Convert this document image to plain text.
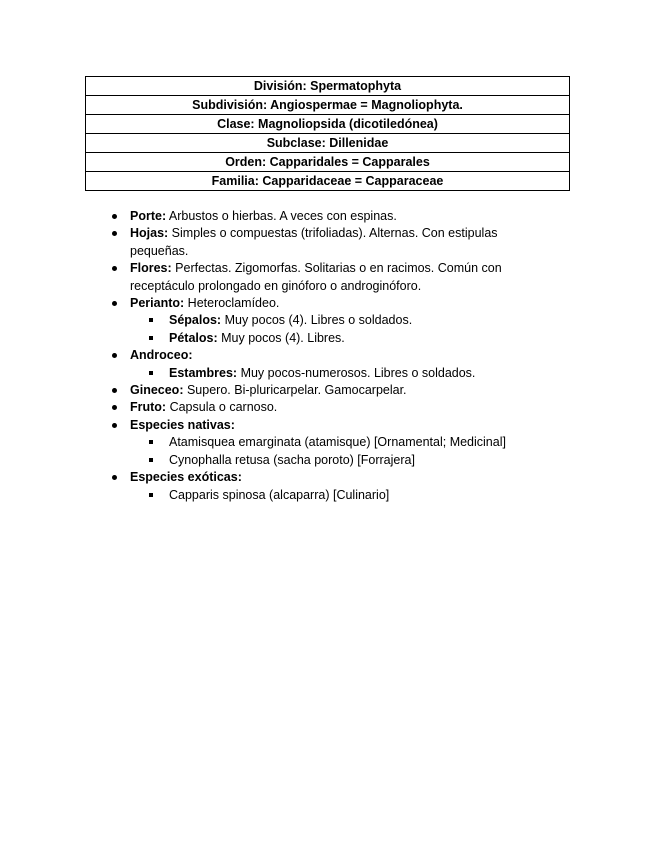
División: Spermatophyta
Subdivisión: Angiospermae = Magnoliophyta.
Clase: Magnoliopsida (dicotiledónea)
Subclase: Dillenidae
Orden: Capparidales = Capparales
Familia: Capparidaceae = Capparaceae
Porte: Arbustos o hierbas. A veces con espinas.
Hojas: Simples o compuestas (trifoliadas). Alternas. Con estipulas pequeñas.
Flores: Perfectas. Zigomorfas. Solitarias o en racimos. Común con receptáculo prolongado en ginóforo o androginóforo.
Perianto: Heteroclamídeo.
Sépalos: Muy pocos (4). Libres o soldados.
Pétalos: Muy pocos (4). Libres.
Androceo:
Estambres: Muy pocos-numerosos. Libres o soldados.
Gineceo: Supero. Bi-pluricarpelar. Gamocarpelar.
Fruto: Capsula o carnoso.
Especies nativas:
Atamisquea emarginata (atamisque) [Ornamental; Medicinal]
Cynophalla retusa (sacha poroto) [Forrajera]
Especies exóticas:
Capparis spinosa (alcaparra) [Culinario]
